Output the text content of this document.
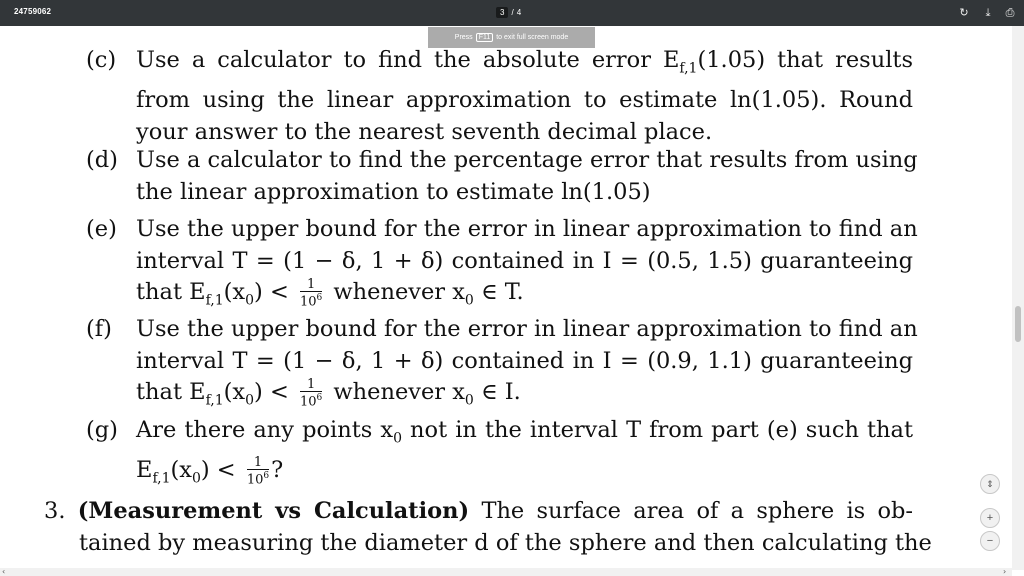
24759062	3 / 4	↻	⤓	⎙
Press F11 to exit full screen mode
(c) Use a calculator to find the absolute error $E_{f,1}(1.05)$ that results
from using the linear approximation to estimate ln(1.05). Round
your answer to the nearest seventh decimal place.
(d) Use a calculator to find the percentage error that results from using
the linear approximation to estimate ln(1.05)
(e) Use the upper bound for the error in linear approximation to find an
interval T = (1 − δ, 1 + δ) contained in I = (0.5, 1.5) guaranteeing
that $E_{f,1}(x_0) < \frac{1}{10^6}$ whenever $x_0$ ∈ T.
(f) Use the upper bound for the error in linear approximation to find an
interval T = (1 − δ, 1 + δ) contained in I = (0.9, 1.1) guaranteeing
that $E_{f,1}(x_0) < \frac{1}{10^6}$ whenever $x_0$ ∈ I.
(g) Are there any points $x_0$ not in the interval T from part (e) such that
$E_{f,1}(x_0) < \frac{1}{10^6}$ ?
3. (Measurement vs Calculation) The surface area of a sphere is ob-
tained by measuring the diameter d of the sphere and then calculating the
⇕
+
−
‹	›
